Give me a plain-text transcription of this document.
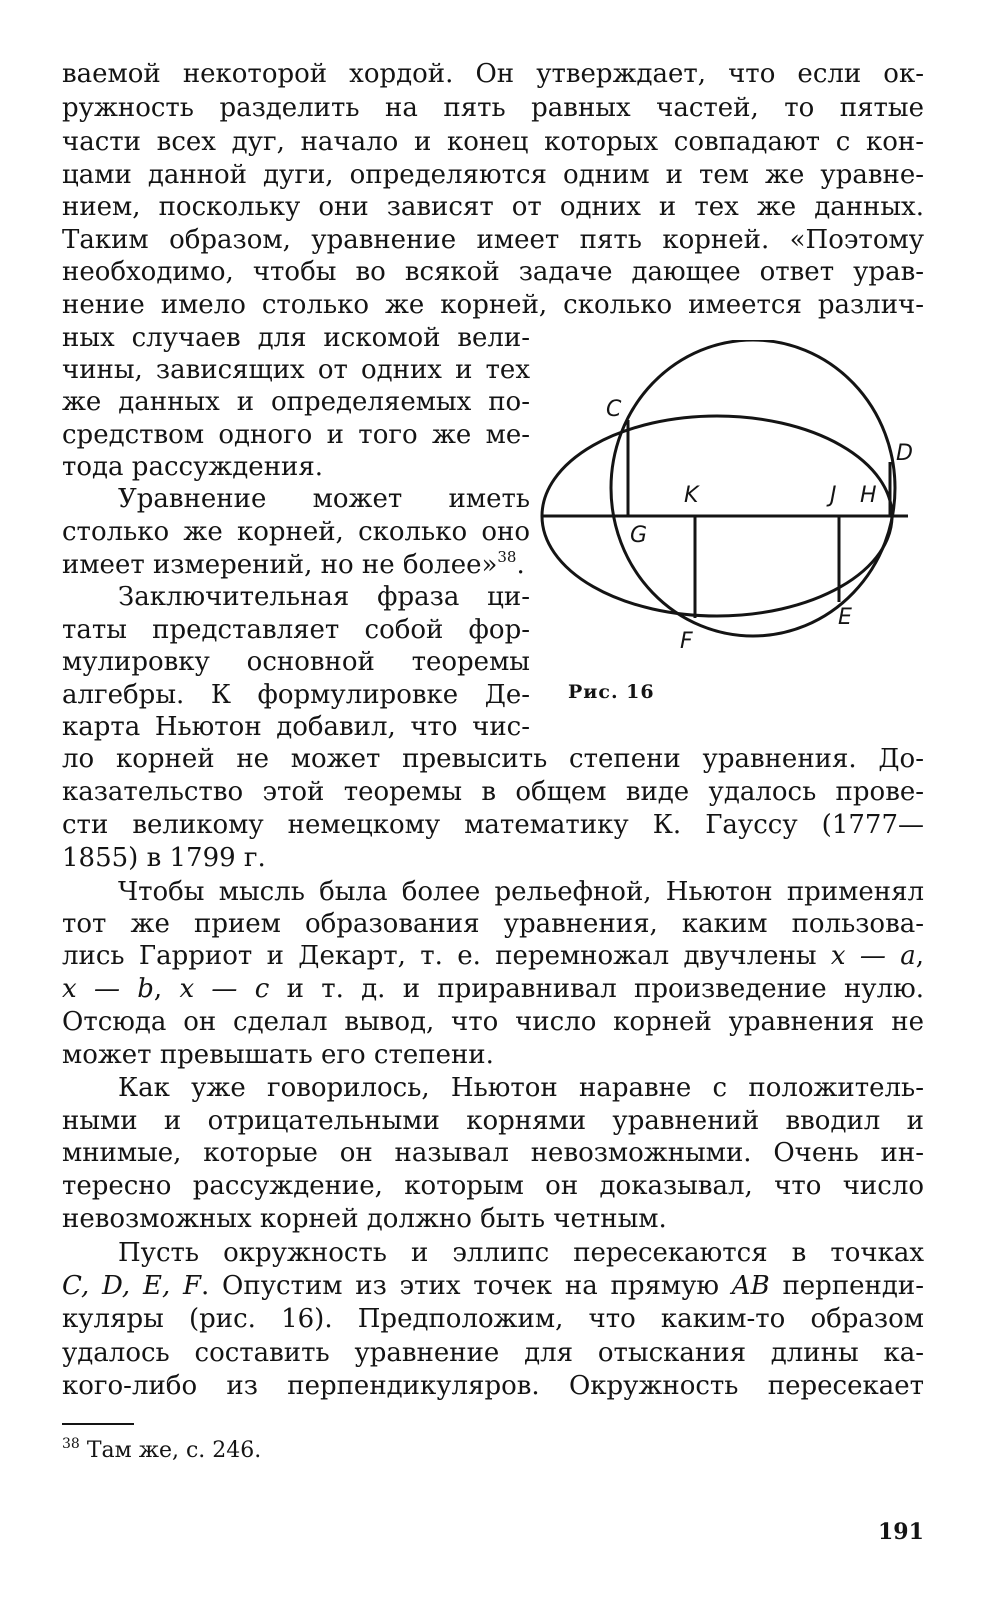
ваемой некоторой хордой. Он утверждает, что если ок-
ружность разделить на пять равных частей, то пятые
части всех дуг, начало и конец которых совпадают с кон-
цами данной дуги, определяются одним и тем же уравне-
нием, поскольку они зависят от одних и тех же данных.
Таким образом, уравнение имеет пять корней. «Поэтому
необходимо, чтобы во всякой задаче дающее ответ урав-
нение имело столько же корней, сколько имеется различ-
ных случаев для искомой вели-
чины, зависящих от одних и тех
же данных и определяемых по-
средством одного и того же ме-
тода рассуждения.
Уравнение может иметь
столько же корней, сколько оно
имеет измерений, но не более»$^{38}$.
Заключительная фраза ци-
таты представляет собой фор-
мулировку основной теоремы
алгебры. К формулировке Де-
карта Ньютон добавил, что чис-
ло корней не может превысить степени уравнения. До-
казательство этой теоремы в общем виде удалось прове-
сти великому немецкому математику К. Гауссу (1777—
1855) в 1799 г.
Чтобы мысль была более рельефной, Ньютон применял
тот же прием образования уравнения, каким пользова-
лись Гарриот и Декарт, т. е. перемножал двучлены x — a,
x — b, x — c и т. д. и приравнивал произведение нулю.
Отсюда он сделал вывод, что число корней уравнения не
может превышать его степени.
Как уже говорилось, Ньютон наравне с положитель-
ными и отрицательными корнями уравнений вводил и
мнимые, которые он называл невозможными. Очень ин-
тересно рассуждение, которым он доказывал, что число
невозможных корней должно быть четным.
Пусть окружность и эллипс пересекаются в точках
C, D, E, F. Опустим из этих точек на прямую AB перпенди-
куляры (рис. 16). Предположим, что каким-то образом
удалось составить уравнение для отыскания длины ка-
кого-либо из перпендикуляров. Окружность пересекает
C
D
K	J H
G
E
F
Рис. 16
$^{38}$ Там же, с. 246.
191
